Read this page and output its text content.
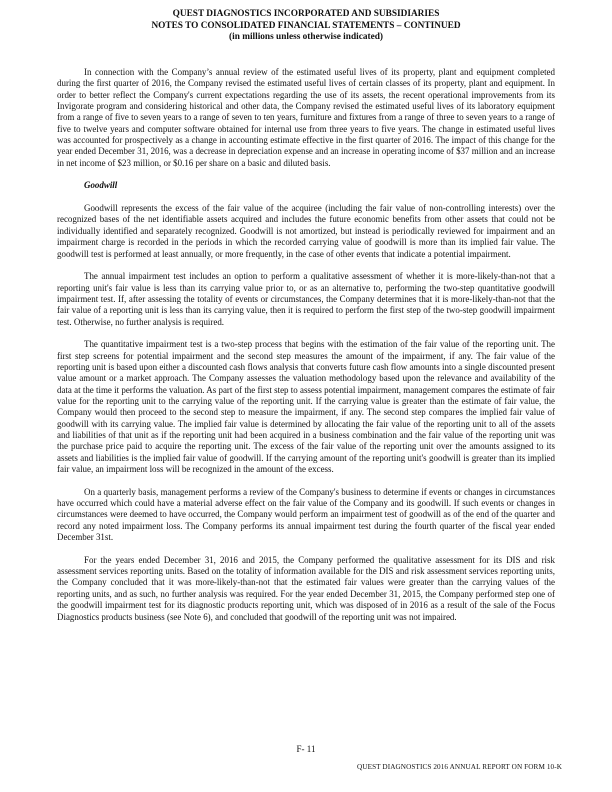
QUEST DIAGNOSTICS INCORPORATED AND SUBSIDIARIES
NOTES TO CONSOLIDATED FINANCIAL STATEMENTS – CONTINUED
(in millions unless otherwise indicated)

In connection with the Company’s annual review of the estimated useful lives of its property, plant and equipment completed during the first quarter of 2016, the Company revised the estimated useful lives of certain classes of its property, plant and equipment. In order to better reflect the Company's current expectations regarding the use of its assets, the recent operational improvements from its Invigorate program and considering historical and other data, the Company revised the estimated useful lives of its laboratory equipment from a range of five to seven years to a range of seven to ten years, furniture and fixtures from a range of three to seven years to a range of five to twelve years and computer software obtained for internal use from three years to five years. The change in estimated useful lives was accounted for prospectively as a change in accounting estimate effective in the first quarter of 2016. The impact of this change for the year ended December 31, 2016, was a decrease in depreciation expense and an increase in operating income of $37 million and an increase in net income of $23 million, or $0.16 per share on a basic and diluted basis.

Goodwill

Goodwill represents the excess of the fair value of the acquiree (including the fair value of non-controlling interests) over the recognized bases of the net identifiable assets acquired and includes the future economic benefits from other assets that could not be individually identified and separately recognized. Goodwill is not amortized, but instead is periodically reviewed for impairment and an impairment charge is recorded in the periods in which the recorded carrying value of goodwill is more than its implied fair value. The goodwill test is performed at least annually, or more frequently, in the case of other events that indicate a potential impairment.

The annual impairment test includes an option to perform a qualitative assessment of whether it is more-likely-than-not that a reporting unit's fair value is less than its carrying value prior to, or as an alternative to, performing the two-step quantitative goodwill impairment test. If, after assessing the totality of events or circumstances, the Company determines that it is more-likely-than-not that the fair value of a reporting unit is less than its carrying value, then it is required to perform the first step of the two-step goodwill impairment test. Otherwise, no further analysis is required.

The quantitative impairment test is a two-step process that begins with the estimation of the fair value of the reporting unit. The first step screens for potential impairment and the second step measures the amount of the impairment, if any. The fair value of the reporting unit is based upon either a discounted cash flows analysis that converts future cash flow amounts into a single discounted present value amount or a market approach. The Company assesses the valuation methodology based upon the relevance and availability of the data at the time it performs the valuation. As part of the first step to assess potential impairment, management compares the estimate of fair value for the reporting unit to the carrying value of the reporting unit. If the carrying value is greater than the estimate of fair value, the Company would then proceed to the second step to measure the impairment, if any. The second step compares the implied fair value of goodwill with its carrying value. The implied fair value is determined by allocating the fair value of the reporting unit to all of the assets and liabilities of that unit as if the reporting unit had been acquired in a business combination and the fair value of the reporting unit was the purchase price paid to acquire the reporting unit. The excess of the fair value of the reporting unit over the amounts assigned to its assets and liabilities is the implied fair value of goodwill. If the carrying amount of the reporting unit's goodwill is greater than its implied fair value, an impairment loss will be recognized in the amount of the excess.

On a quarterly basis, management performs a review of the Company's business to determine if events or changes in circumstances have occurred which could have a material adverse effect on the fair value of the Company and its goodwill. If such events or changes in circumstances were deemed to have occurred, the Company would perform an impairment test of goodwill as of the end of the quarter and record any noted impairment loss. The Company performs its annual impairment test during the fourth quarter of the fiscal year ended December 31st.

For the years ended December 31, 2016 and 2015, the Company performed the qualitative assessment for its DIS and risk assessment services reporting units. Based on the totality of information available for the DIS and risk assessment services reporting units, the Company concluded that it was more-likely-than-not that the estimated fair values were greater than the carrying values of the reporting units, and as such, no further analysis was required. For the year ended December 31, 2015, the Company performed step one of the goodwill impairment test for its diagnostic products reporting unit, which was disposed of in 2016 as a result of the sale of the Focus Diagnostics products business (see Note 6), and concluded that goodwill of the reporting unit was not impaired.

F- 11
QUEST DIAGNOSTICS 2016 ANNUAL REPORT ON FORM 10-K
